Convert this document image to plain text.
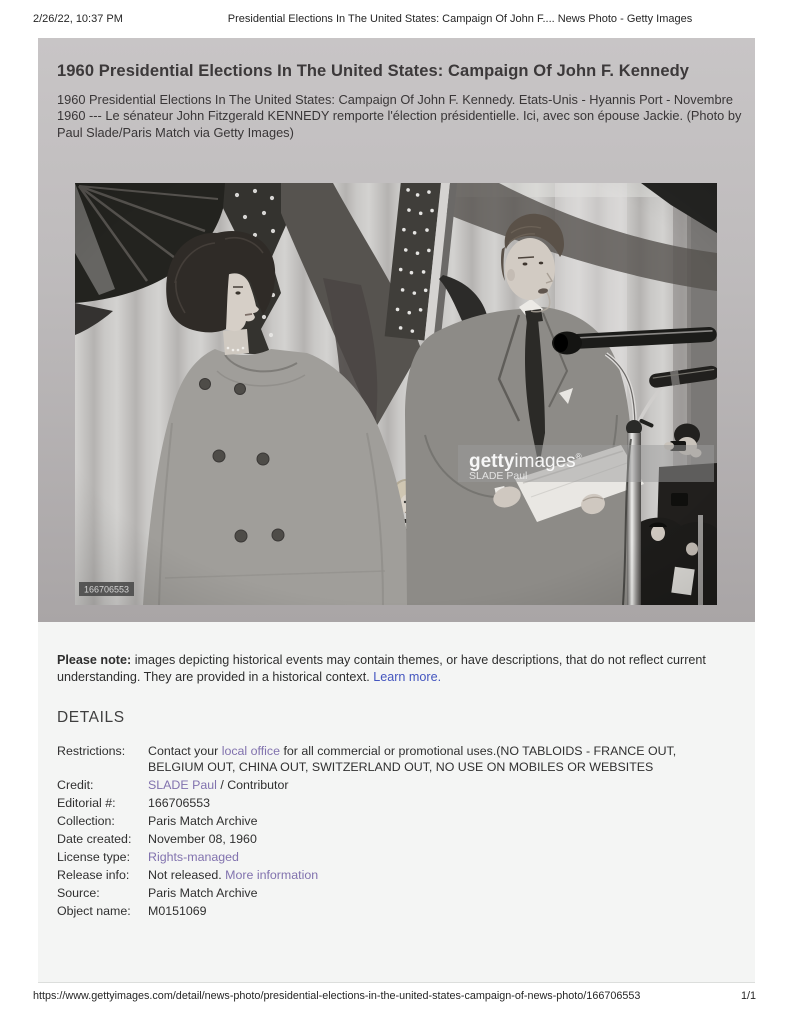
2/26/22, 10:37 PM	Presidential Elections In The United States: Campaign Of John F.... News Photo - Getty Images
1960 Presidential Elections In The United States: Campaign Of John F. Kennedy

1960 Presidential Elections In The United States: Campaign Of John F. Kennedy. Etats-Unis - Hyannis Port - Novembre 1960 --- Le sénateur John Fitzgerald KENNEDY remporte l'élection présidentielle. Ici, avec son épouse Jackie. (Photo by Paul Slade/Paris Match via Getty Images)

gettyimages®
SLADE Paul
166706553

Please note: images depicting historical events may contain themes, or have descriptions, that do not reflect current understanding. They are provided in a historical context. Learn more.

DETAILS
Restrictions:	Contact your local office for all commercial or promotional uses.(NO TABLOIDS - FRANCE OUT, BELGIUM OUT, CHINA OUT, SWITZERLAND OUT, NO USE ON MOBILES OR WEBSITES
Credit:	SLADE Paul / Contributor
Editorial #:	166706553
Collection:	Paris Match Archive
Date created:	November 08, 1960
License type:	Rights-managed
Release info:	Not released. More information
Source:	Paris Match Archive
Object name:	M0151069
https://www.gettyimages.com/detail/news-photo/presidential-elections-in-the-united-states-campaign-of-news-photo/166706553	1/1
